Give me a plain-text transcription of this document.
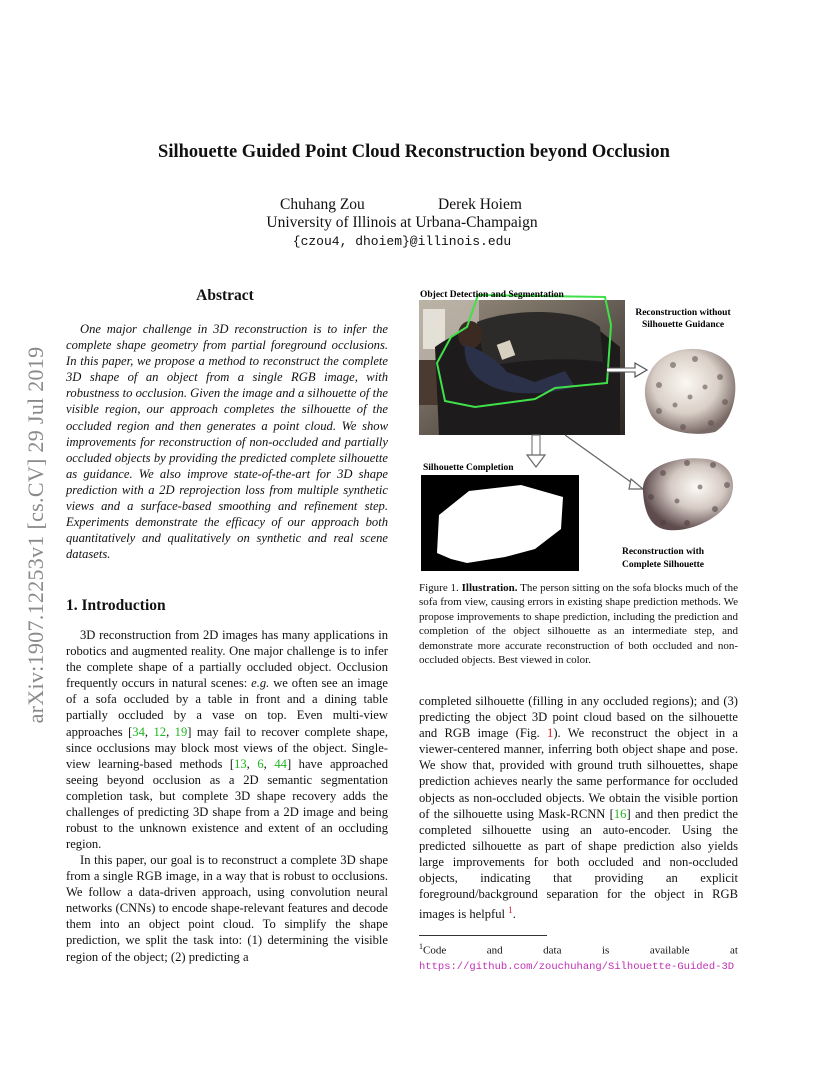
arXiv:1907.12253v1 [cs.CV] 29 Jul 2019
Silhouette Guided Point Cloud Reconstruction beyond Occlusion
Chuhang Zou	Derek Hoiem
University of Illinois at Urbana-Champaign
{czou4, dhoiem}@illinois.edu
Abstract
One major challenge in 3D reconstruction is to infer the complete shape geometry from partial foreground occlusions. In this paper, we propose a method to reconstruct the complete 3D shape of an object from a single RGB image, with robustness to occlusion. Given the image and a silhouette of the visible region, our approach completes the silhouette of the occluded region and then generates a point cloud. We show improvements for reconstruction of non-occluded and partially occluded objects by providing the predicted complete silhouette as guidance. We also improve state-of-the-art for 3D shape prediction with a 2D reprojection loss from multiple synthetic views and a surface-based smoothing and refinement step. Experiments demonstrate the efficacy of our approach both quantitatively and qualitatively on synthetic and real scene datasets.
1. Introduction
3D reconstruction from 2D images has many applications in robotics and augmented reality. One major challenge is to infer the complete shape of a partially occluded object. Occlusion frequently occurs in natural scenes: e.g. we often see an image of a sofa occluded by a table in front and a dining table partially occluded by a vase on top. Even multi-view approaches [34, 12, 19] may fail to recover complete shape, since occlusions may block most views of the object. Single-view learning-based methods [13, 6, 44] have approached seeing beyond occlusion as a 2D semantic segmentation completion task, but complete 3D shape recovery adds the challenges of predicting 3D shape from a 2D image and being robust to the unknown existence and extent of an occluding region.
In this paper, our goal is to reconstruct a complete 3D shape from a single RGB image, in a way that is robust to occlusions. We follow a data-driven approach, using convolution neural networks (CNNs) to encode shape-relevant features and decode them into an object point cloud. To simplify the shape prediction, we split the task into: (1) determining the visible region of the object; (2) predicting a
completed silhouette (filling in any occluded regions); and (3) predicting the object 3D point cloud based on the silhouette and RGB image (Fig. 1). We reconstruct the object in a viewer-centered manner, inferring both object shape and pose. We show that, provided with ground truth silhouettes, shape prediction achieves nearly the same performance for occluded objects as non-occluded objects. We obtain the visible portion of the silhouette using Mask-RCNN [16] and then predict the completed silhouette using an auto-encoder. Using the predicted silhouette as part of shape prediction also yields large improvements for both occluded and non-occluded objects, indicating that providing an explicit foreground/background separation for the object in RGB images is helpful $^1$.
$^1$Code and data is available at https://github.com/zouchuhang/Silhouette-Guided-3D
Object Detection and Segmentation
Reconstruction without
Silhouette Guidance
Silhouette Completion
Reconstruction with
Complete Silhouette
Figure 1. Illustration. The person sitting on the sofa blocks much of the sofa from view, causing errors in existing shape prediction methods. We propose improvements to shape prediction, including the prediction and completion of the object silhouette as an intermediate step, and demonstrate more accurate reconstruction of both occluded and non-occluded objects. Best viewed in color.
